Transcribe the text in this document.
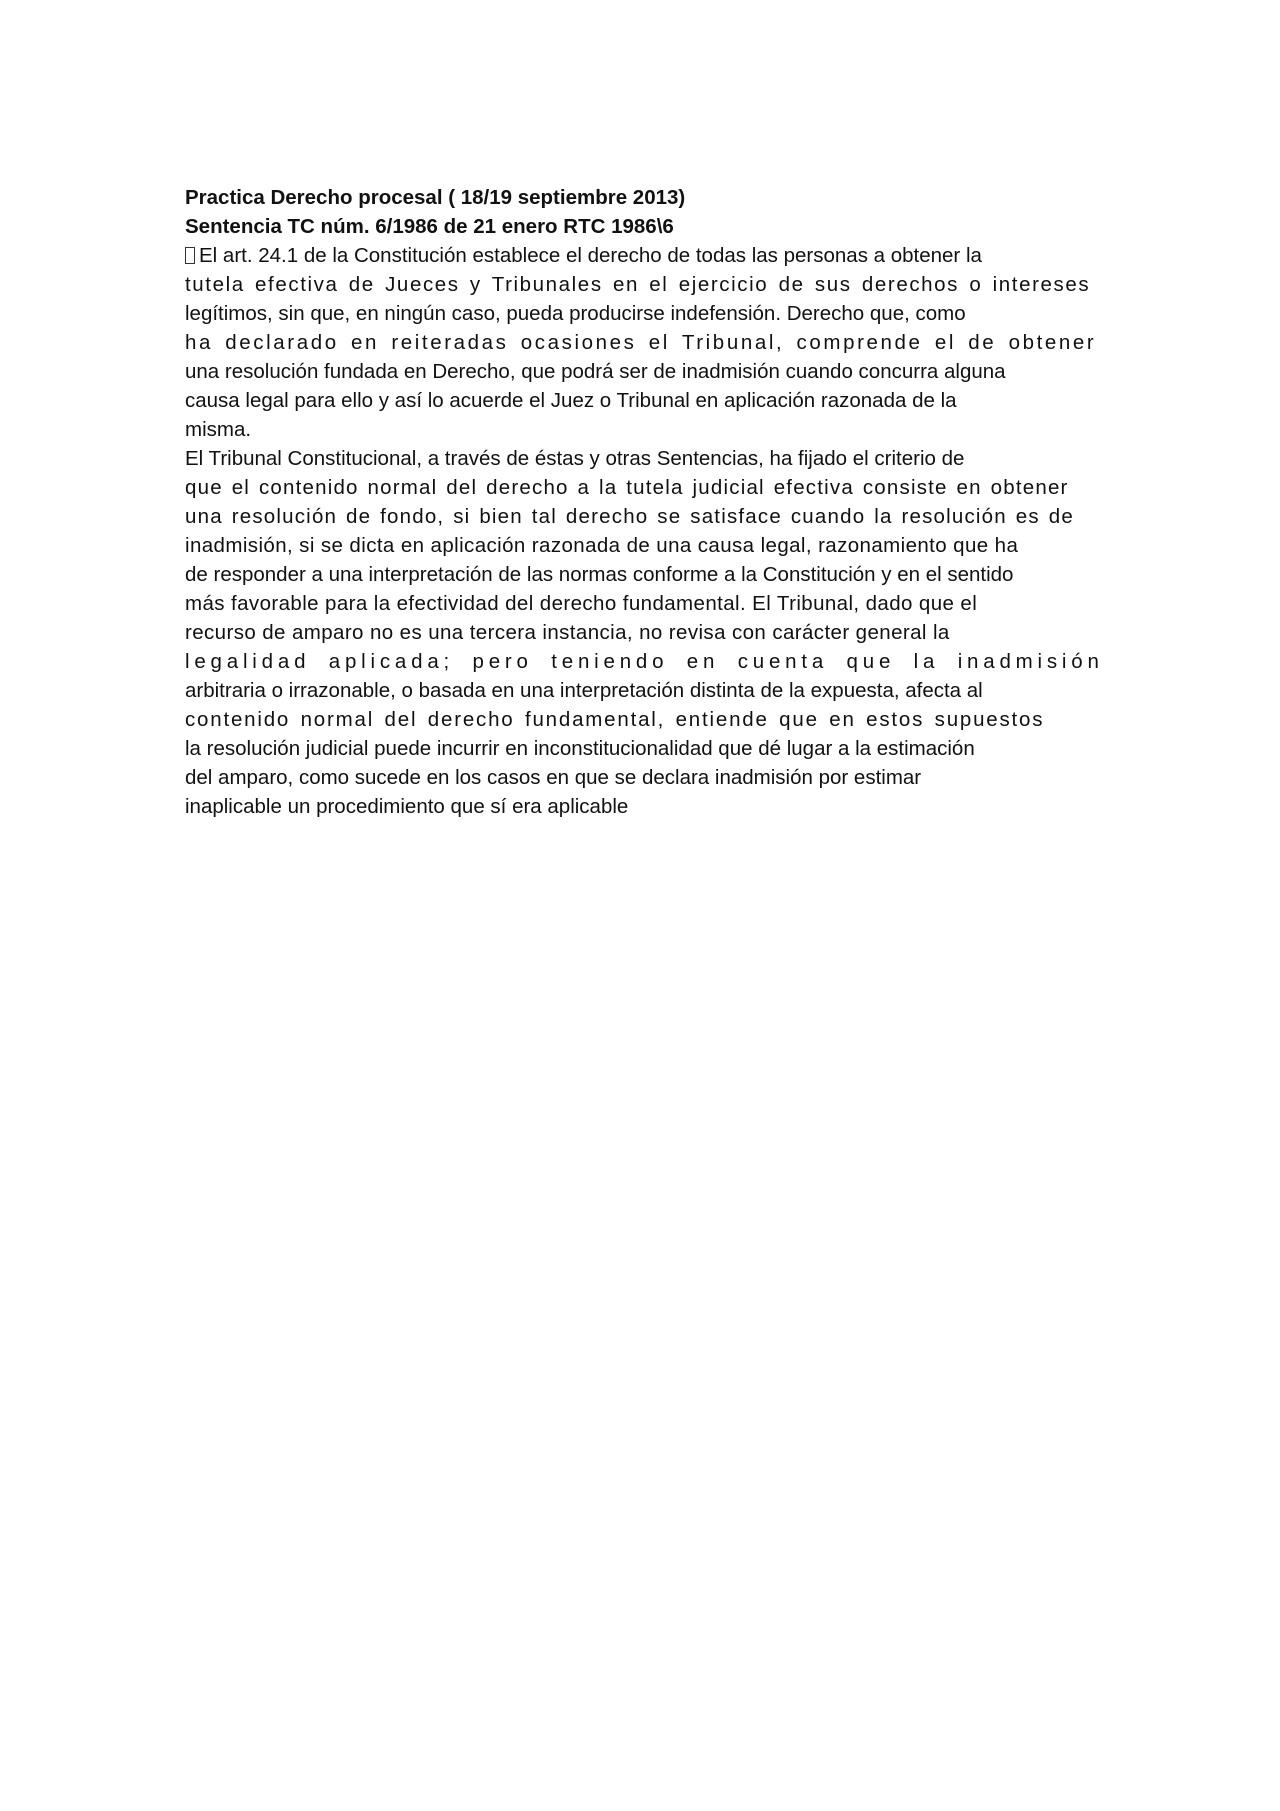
Practica Derecho procesal ( 18/19 septiembre 2013)
Sentencia TC núm. 6/1986 de 21 enero RTC 1986\6
El art. 24.1 de la Constitución establece el derecho de todas las personas a obtener la
tutela efectiva de Jueces y Tribunales en el ejercicio de sus derechos o intereses
legítimos, sin que, en ningún caso, pueda producirse indefensión. Derecho que, como
ha declarado en reiteradas ocasiones el Tribunal, comprende el de obtener
una resolución fundada en Derecho, que podrá ser de inadmisión cuando concurra alguna
causa legal para ello y así lo acuerde el Juez o Tribunal en aplicación razonada de la
misma.
El Tribunal Constitucional, a través de éstas y otras Sentencias, ha fijado el criterio de
que el contenido normal del derecho a la tutela judicial efectiva consiste en obtener
una resolución de fondo, si bien tal derecho se satisface cuando la resolución es de
inadmisión, si se dicta en aplicación razonada de una causa legal, razonamiento que ha
de responder a una interpretación de las normas conforme a la Constitución y en el sentido
más favorable para la efectividad del derecho fundamental. El Tribunal, dado que el
recurso de amparo no es una tercera instancia, no revisa con carácter general la
legalidad aplicada; pero teniendo en cuenta que la inadmisión
arbitraria o irrazonable, o basada en una interpretación distinta de la expuesta, afecta al
contenido normal del derecho fundamental, entiende que en estos supuestos
la resolución judicial puede incurrir en inconstitucionalidad que dé lugar a la estimación
del amparo, como sucede en los casos en que se declara inadmisión por estimar
inaplicable un procedimiento que sí era aplicable
